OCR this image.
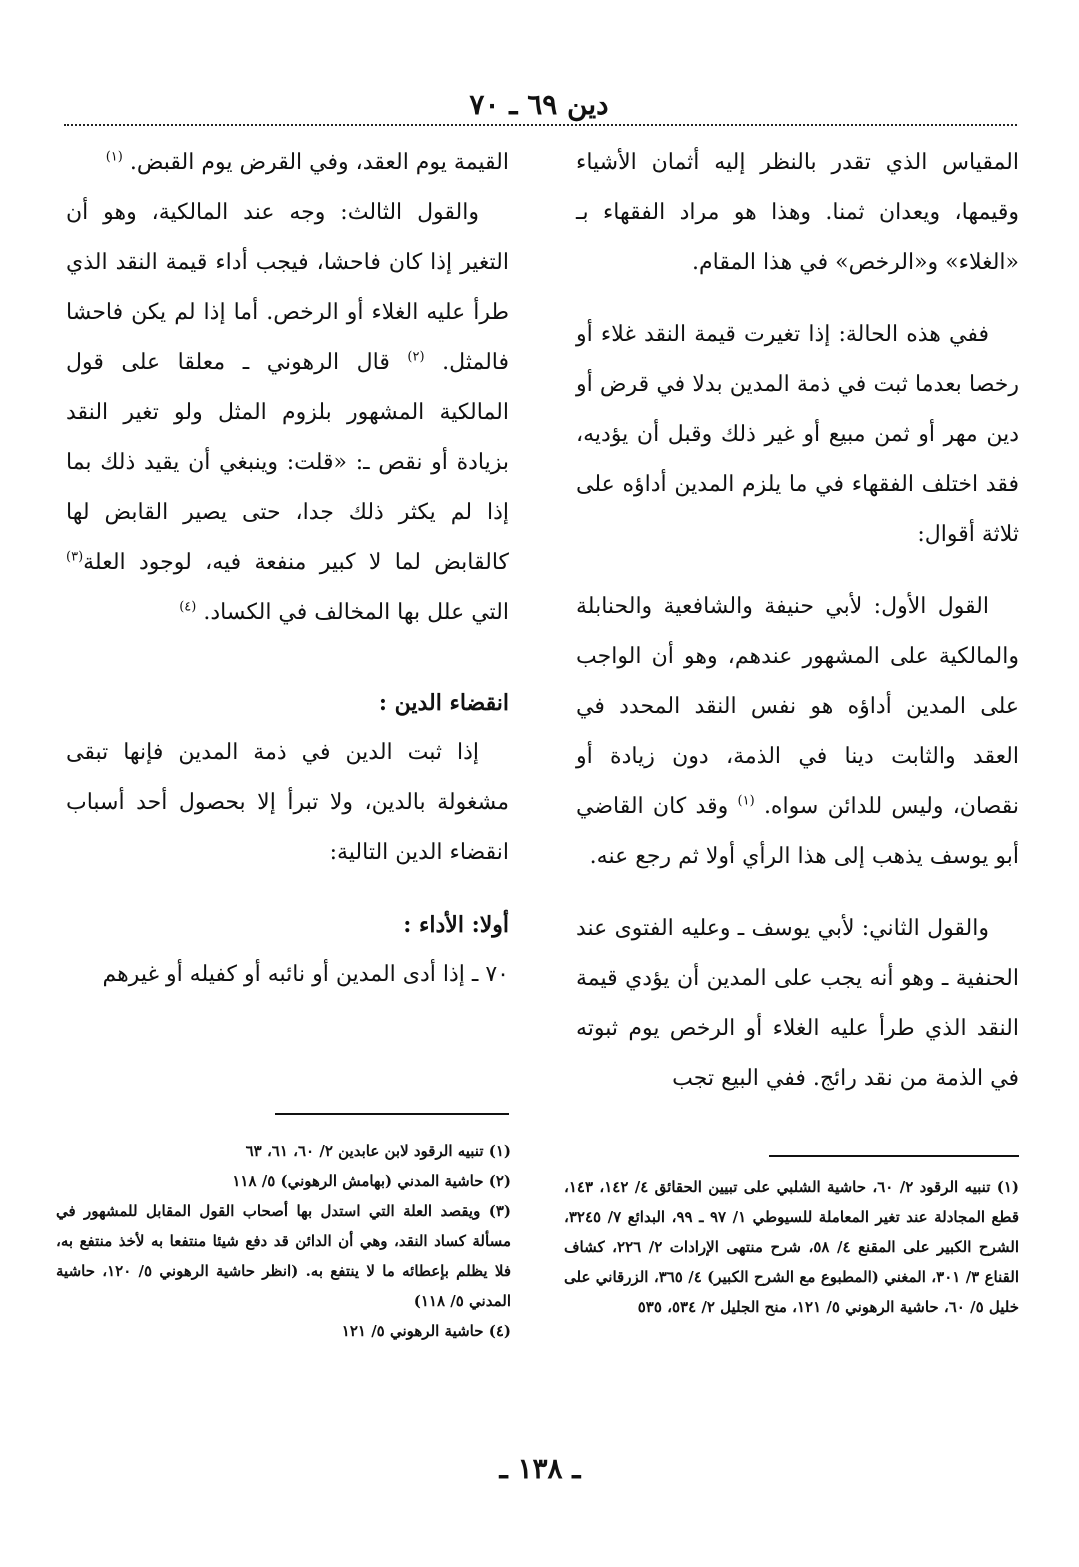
دين ٦٩ ـ ٧٠

المقياس الذي تقدر بالنظر إليه أثمان الأشياء وقيمها، ويعدان ثمنا. وهذا هو مراد الفقهاء بـ «الغلاء» و«الرخص» في هذا المقام.

ففي هذه الحالة: إذا تغيرت قيمة النقد غلاء أو رخصا بعدما ثبت في ذمة المدين بدلا في قرض أو دين مهر أو ثمن مبيع أو غير ذلك وقبل أن يؤديه، فقد اختلف الفقهاء في ما يلزم المدين أداؤه على ثلاثة أقوال:

القول الأول: لأبي حنيفة والشافعية والحنابلة والمالكية على المشهور عندهم، وهو أن الواجب على المدين أداؤه هو نفس النقد المحدد في العقد والثابت دينا في الذمة، دون زيادة أو نقصان، وليس للدائن سواه. $^{(١)}$ وقد كان القاضي أبو يوسف يذهب إلى هذا الرأي أولا ثم رجع عنه.

والقول الثاني: لأبي يوسف ـ وعليه الفتوى عند الحنفية ـ وهو أنه يجب على المدين أن يؤدي قيمة النقد الذي طرأ عليه الغلاء أو الرخص يوم ثبوته في الذمة من نقد رائج. ففي البيع تجب

القيمة يوم العقد، وفي القرض يوم القبض. $^{(١)}$

والقول الثالث: وجه عند المالكية، وهو أن التغير إذا كان فاحشا، فيجب أداء قيمة النقد الذي طرأ عليه الغلاء أو الرخص. أما إذا لم يكن فاحشا فالمثل. $^{(٢)}$ قال الرهوني ـ معلقا على قول المالكية المشهور بلزوم المثل ولو تغير النقد بزيادة أو نقص ـ: «قلت: وينبغي أن يقيد ذلك بما إذا لم يكثر ذلك جدا، حتى يصير القابض لها كالقابض لما لا كبير منفعة فيه، لوجود العلة$^{(٣)}$ التي علل بها المخالف في الكساد. $^{(٤)}$

انقضاء الدين :

إذا ثبت الدين في ذمة المدين فإنها تبقى مشغولة بالدين، ولا تبرأ إلا بحصول أحد أسباب انقضاء الدين التالية:

أولا: الأداء :

٧٠ ـ إذا أدى المدين أو نائبه أو كفيله أو غيرهم

(١) تنبيه الرقود ٢/ ٦٠، حاشية الشلبي على تبيين الحقائق ٤/ ١٤٢، ١٤٣، قطع المجادلة عند تغير المعاملة للسيوطي ١/ ٩٧ ـ ٩٩، البدائع ٧/ ٣٢٤٥، الشرح الكبير على المقنع ٤/ ٥٨، شرح منتهى الإرادات ٢/ ٢٢٦، كشاف القناع ٣/ ٣٠١، المغني (المطبوع مع الشرح الكبير) ٤/ ٣٦٥، الزرقاني على خليل ٥/ ٦٠، حاشية الرهوني ٥/ ١٢١، منح الجليل ٢/ ٥٣٤، ٥٣٥

(١) تنبيه الرقود لابن عابدين ٢/ ٦٠، ٦١، ٦٣

(٢) حاشية المدني (بهامش الرهوني) ٥/ ١١٨

(٣) ويقصد العلة التي استدل بها أصحاب القول المقابل للمشهور في مسألة كساد النقد، وهي أن الدائن قد دفع شيئا منتفعا به لأخذ منتفع به، فلا يظلم بإعطائه ما لا ينتفع به. (انظر حاشية الرهوني ٥/ ١٢٠، حاشية المدني ٥/ ١١٨)

(٤) حاشية الرهوني ٥/ ١٢١

ـ ١٣٨ ـ
